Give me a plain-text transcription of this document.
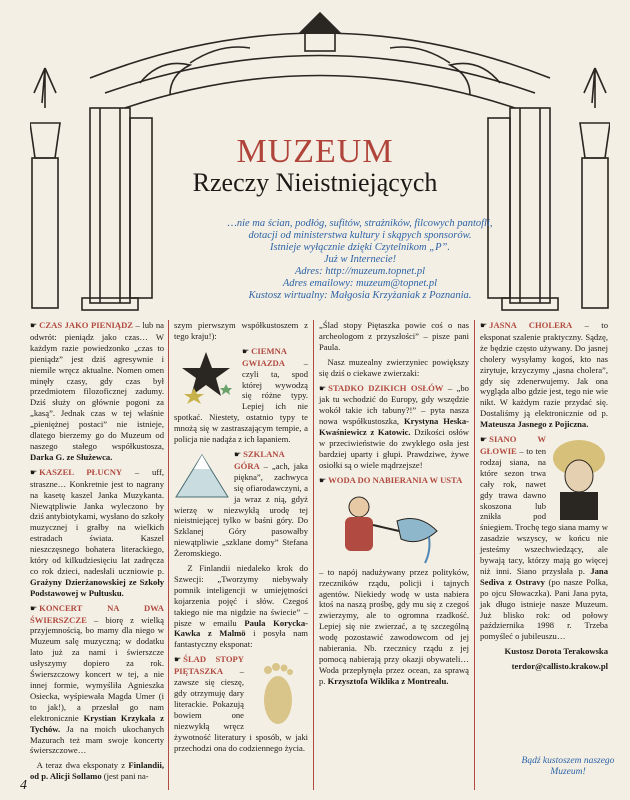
MUZEUM
Rzeczy Nieistniejących
…nie ma ścian, podłóg, sufitów, strażników, filcowych pantofli,
dotacji od ministerstwa kultury i skąpych sponsorów.
Istnieje wyłącznie dzięki Czytelnikom „P”.
Już w Internecie!
Adres: http://muzeum.topnet.pl
Adres emailowy: muzeum@topnet.pl
Kustosz wirtualny: Małgosia Krzyżaniak z Poznania.

☛ CZAS JAKO PIENIĄDZ – lub na odwrót: pieniądz jako czas… W każdym razie powiedzonko „czas to pieniądz” jest dziś agresywnie i niemile wręcz aktualne. Nomen omen minęły czasy, gdy czas był przedmiotem filozoficznej zadumy. Dziś służy on głównie pogoni za „kasą”. Jednak czas w tej właśnie „pieniężnej postaci” nie istnieje, dlatego bierzemy go do Muzeum od naszego stałego współkustosza, Darka G. ze Służewca.

☛ KASZEL PŁUCNY – uff, straszne… Konkretnie jest to nagrany na kasetę kaszel Janka Muzykanta. Niewątpliwie Janka wyleczono by dziś antybiotykami, wysłano do szkoły muzycznej i grałby na wielkich estradach świata. Kaszel nieszczęsnego bohatera literackiego, który od kilkudziesięciu lat zadręcza co rok dzieci, nadesłali uczniowie p. Grażyny Dzierżanowskiej ze Szkoły Podstawowej w Pułtusku.

☛ KONCERT NA DWA ŚWIERSZCZE – biorę z wielką przyjemnością, bo mamy dla niego w Muzeum salę muzyczną; w dodatku lato już za nami i świerszcze usłyszymy dopiero za rok. Świerszczowy koncert w tej, a nie innej formie, wymyśliła Agnieszka Osiecka, wyśpiewała Magda Umer (i to jak!), a przesłał go nam elektronicznie Krystian Krzykała z Tychów. Ja na moich ukochanych Mazurach też mam swoje koncerty świerszczowe…

A teraz dwa eksponaty z Finlandii, od p. Alicji Sollamo (jest pani na-

szym pierwszym współkustoszem z tego kraju!):

☛ CIEMNA GWIAZDA – czyli ta, spod której wywodzą się różne typy. Lepiej ich nie spotkać. Niestety, ostatnio typy te mnożą się w zastraszającym tempie, a policja nie nadąża z ich łapaniem.

☛ SZKLANA GÓRA – „ach, jaka piękna”, zachwyca się ofiarodawczyni, a ja wraz z nią, gdyż wierzę w niezwykłą urodę tej nieistniejącej tylko w baśni góry. Do Szklanej Góry pasowałby niewątpliwie „szklane domy” Stefana Żeromskiego.

Z Finlandii niedaleko krok do Szwecji: „Tworzymy niebywały pomnik inteligencji w umiejętności kojarzenia pojęć i słów. Czegoś takiego nie ma nigdzie na świecie” – pisze w emailu Paula Korycka-Kawka z Malmö i posyła nam fantastyczny eksponat:

☛ ŚLAD STOPY PIĘTASZKA – zawsze się cieszę, gdy otrzymuję dary literackie. Pokazują bowiem one niezwykłą wręcz żywotność literatury i sposób, w jaki przechodzi ona do codziennego życia.

„Ślad stopy Piętaszka powie coś o nas archeologom z przyszłości” – pisze pani Paula.

Nasz muzealny zwierzyniec powiększy się dziś o ciekawe zwierzaki:

☛ STADKO DZIKICH OSŁÓW – „bo jak tu wchodzić do Europy, gdy wszędzie wokół takie ich tabuny?!” – pyta nasza nowa współkustoszka, Krystyna Heska-Kwaśniewicz z Katowic. Dzikości osłów w przeciwieństwie do zwykłego osła jest bardziej uparty i głupi. Prawdziwe, żywe osiołki są o wiele mądrzejsze!

☛ WODA DO NABIERANIA W USTA

– to napój nadużywany przez polityków, rzeczników rządu, policji i tajnych agentów. Niekiedy wodę w usta nabiera ktoś na naszą prośbę, gdy mu się z czegoś zwierzymy, ale to ogromna rzadkość. Lepiej się nie zwierzać, a tę szczególną wodę pozostawić zawodowcom od jej nabierania. Nb. rzecznicy rządu z jej pomocą nabierają przy okazji obywateli… Woda przepłynęła przez ocean, za sprawą p. Krzysztofa Wiklika z Montrealu.

☛ JASNA CHOLERA – to eksponat szalenie praktyczny. Sądzę, że będzie często używany. Do jasnej cholery wysyłamy kogoś, kto nas zirytuje, krzyczymy „jasna cholera”, gdy się zdenerwujemy. Jak ona wygląda albo gdzie jest, tego nie wie nikt. W każdym razie przydać się. Dostaliśmy ją elektronicznie od p. Mateusza Jasnego z Pojiczna.

☛ SIANO W GŁOWIE – to ten rodzaj siana, na które sezon trwa cały rok, nawet gdy trawa dawno skoszona lub znikła pod śniegiem. Trochę tego siana mamy w zasadzie wszyscy, w końcu nie jesteśmy wszechwiedzący, ale bywają tacy, którzy mają go więcej niż inni. Siano przysłała p. Jana Sediva z Ostravy (po nasze Polka, po ojcu Słowaczka). Pani Jana pyta, jak długo istnieje nasze Muzeum. Już blisko rok: od połowy października 1998 r. Trzeba pomyśleć o jubileuszu…

Kustosz Dorota Terakowska

terdor@callisto.krakow.pl

Bądź kustoszem naszego Muzeum!
4
